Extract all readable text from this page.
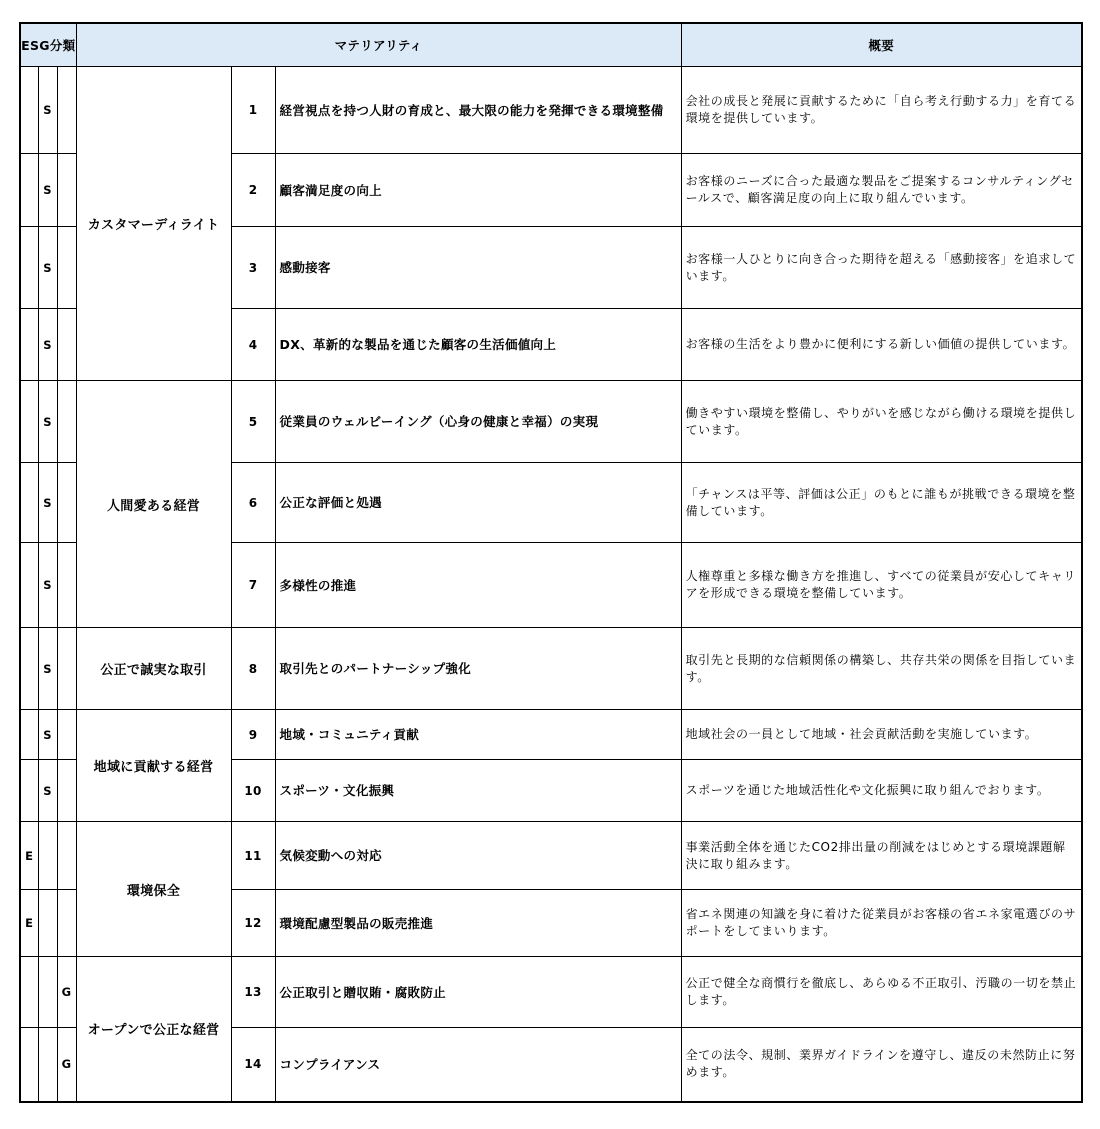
ESG分類			マテリアリティ			概要
	S		カスタマーディライト	1	経営視点を持つ人財の育成と、最大限の能力を発揮できる環境整備	会社の成長と発展に貢献するために「自ら考え行動する力」を育てる環境を提供しています。
	S			2	顧客満足度の向上	お客様のニーズに合った最適な製品をご提案するコンサルティングセールスで、顧客満足度の向上に取り組んでいます。
	S			3	感動接客	お客様一人ひとりに向き合った期待を超える「感動接客」を追求しています。
	S			4	DX、革新的な製品を通じた顧客の生活価値向上	お客様の生活をより豊かに便利にする新しい価値の提供しています。
	S		人間愛ある経営	5	従業員のウェルビーイング（心身の健康と幸福）の実現	働きやすい環境を整備し、やりがいを感じながら働ける環境を提供しています。
	S			6	公正な評価と処遇	「チャンスは平等、評価は公正」のもとに誰もが挑戦できる環境を整備しています。
	S			7	多様性の推進	人権尊重と多様な働き方を推進し、すべての従業員が安心してキャリアを形成できる環境を整備しています。
	S		公正で誠実な取引	8	取引先とのパートナーシップ強化	取引先と長期的な信頼関係の構築し、共存共栄の関係を目指しています。
	S		地域に貢献する経営	9	地域・コミュニティ貢献	地域社会の一員として地域・社会貢献活動を実施しています。
	S			10	スポーツ・文化振興	スポーツを通じた地域活性化や文化振興に取り組んでおります。
E			環境保全	11	気候変動への対応	事業活動全体を通じたCO2排出量の削減をはじめとする環境課題解決に取り組みます。
E				12	環境配慮型製品の販売推進	省エネ関連の知識を身に着けた従業員がお客様の省エネ家電選びのサポートをしてまいります。
		G	オープンで公正な経営	13	公正取引と贈収賄・腐敗防止	公正で健全な商慣行を徹底し、あらゆる不正取引、汚職の一切を禁止します。
		G		14	コンプライアンス	全ての法令、規制、業界ガイドラインを遵守し、違反の未然防止に努めます。
